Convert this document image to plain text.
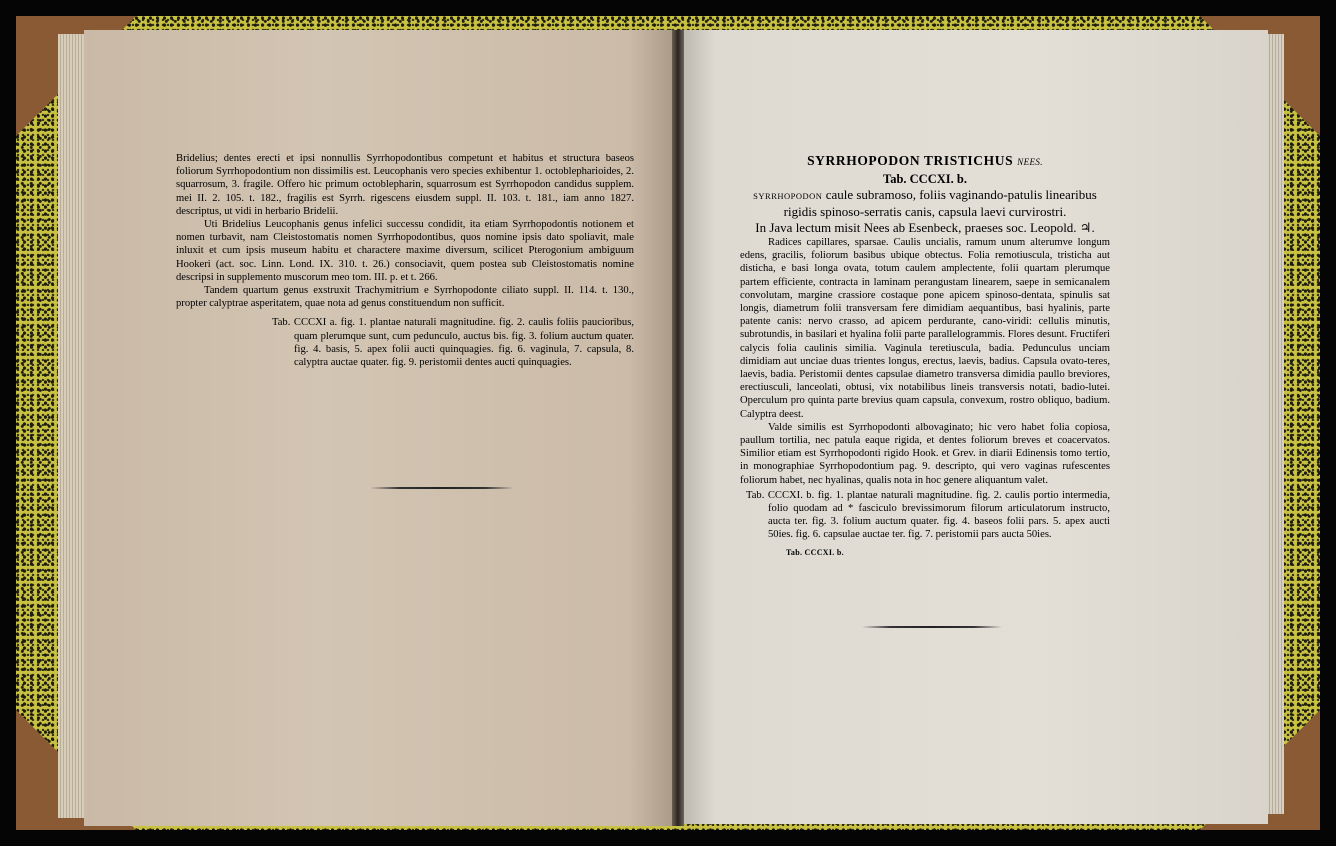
Bridelius; dentes erecti et ipsi nonnullis Syrrhopodontibus competunt et habitus et structura baseos foliorum Syrrhopodontium non dissimilis est. Leucophanis vero species exhibentur 1. octoblepharioides, 2. squarrosum, 3. fragile. Offero hic primum octoblepharin, squarrosum est Syrrhopodon candidus supplem. mei II. 2. 105. t. 182., fragilis est Syrrh. rigescens eiusdem suppl. II. 103. t. 181., iam anno 1827. descriptus, ut vidi in herbario Bridelii.

Uti Bridelius Leucophanis genus infelici successu condidit, ita etiam Syrrhopodontis notionem et nomen turbavit, nam Cleistostomatis nomen Syrrhopodontibus, quos nomine ipsis dato spoliavit, male inluxit et cum ipsis museum habitu et charactere maxime diversum, scilicet Pterogonium ambiguum Hookeri (act. soc. Linn. Lond. IX. 310. t. 26.) consociavit, quem postea sub Cleistostomatis nomine descripsi in supplemento muscorum meo tom. III. p. et t. 266.

Tandem quartum genus exstruxit Trachymitrium e Syrrhopodonte ciliato suppl. II. 114. t. 130., propter calyptrae asperitatem, quae nota ad genus constituendum non sufficit.

Tab. CCCXI a. fig. 1. plantae naturali magnitudine. fig. 2. caulis foliis paucioribus, quam plerumque sunt, cum pedunculo, auctus bis. fig. 3. folium auctum quater. fig. 4. basis, 5. apex folii aucti quinquagies. fig. 6. vaginula, 7. capsula, 8. calyptra auctae quater. fig. 9. peristomii dentes aucti quinquagies.

SYRRHOPODON TRISTICHUS NEES.

Tab. CCCXI. b.

SYRRHOPODON caule subramoso, foliis vaginando-patulis linearibus
rigidis spinoso-serratis canis, capsula laevi curvirostri.

In Java lectum misit Nees ab Esenbeck, praeses soc. Leopold. ♃.

Radices capillares, sparsae. Caulis uncialis, ramum unum alterumve longum edens, gracilis, foliorum basibus ubique obtectus. Folia remotiuscula, tristicha aut disticha, e basi longa ovata, totum caulem amplectente, folii quartam plerumque partem efficiente, contracta in laminam perangustam linearem, saepe in semicanalem convolutam, margine crassiore costaque pone apicem spinoso-dentata, spinulis sat longis, diametrum folii transversam fere dimidiam aequantibus, basi hyalinis, parte patente canis: nervo crasso, ad apicem perdurante, cano-viridi: cellulis minutis, subrotundis, in basilari et hyalina folii parte parallelogrammis. Flores desunt. Fructiferi calycis folia caulinis similia. Vaginula teretiuscula, badia. Pedunculus unciam dimidiam aut unciae duas trientes longus, erectus, laevis, badius. Capsula ovato-teres, laevis, badia. Peristomii dentes capsulae diametro transversa dimidia paullo breviores, erectiusculi, lanceolati, obtusi, vix notabilibus lineis transversis notati, badio-lutei. Operculum pro quinta parte brevius quam capsula, convexum, rostro obliquo, badium. Calyptra deest.

Valde similis est Syrrhopodonti albovaginato; hic vero habet folia copiosa, paullum tortilia, nec patula eaque rigida, et dentes foliorum breves et coacervatos. Similior etiam est Syrrhopodonti rigido Hook. et Grev. in diarii Edinensis tomo tertio, in monographiae Syrrhopodontium pag. 9. descripto, qui vero vaginas rufescentes foliorum habet, nec hyalinas, qualis nota in hoc genere aliquantum valet.

Tab. CCCXI. b. fig. 1. plantae naturali magnitudine. fig. 2. caulis portio intermedia, folio quodam ad * fasciculo brevissimorum filorum articulatorum instructo, aucta ter. fig. 3. folium auctum quater. fig. 4. baseos folii pars. 5. apex aucti 50ies. fig. 6. capsulae auctae ter. fig. 7. peristomii pars aucta 50ies.

Tab. CCCXI. b.
